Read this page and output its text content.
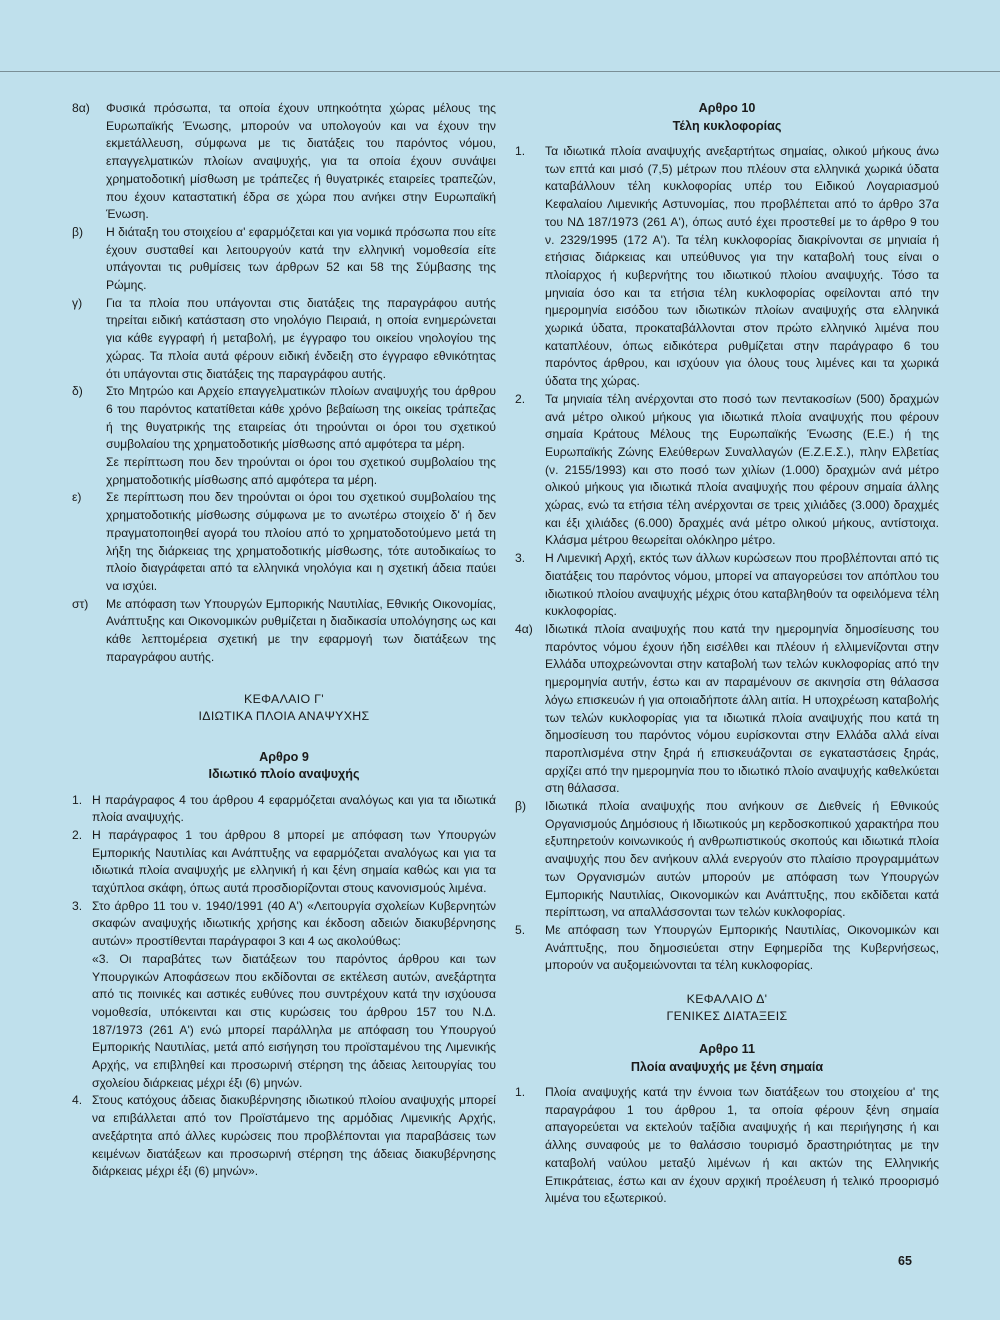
8α)	Φυσικά πρόσωπα, τα οποία έχουν υπηκοότητα χώρας μέλους της Ευρωπαϊκής Ένωσης, μπορούν να υπολογούν και να έχουν την εκμετάλλευση, σύμφωνα με τις διατάξεις του παρόντος νόμου, επαγγελματικών πλοίων αναψυχής, για τα οποία έχουν συνάψει χρηματοδοτική μίσθωση με τράπεζες ή θυγατρικές εταιρείες τραπεζών, που έχουν καταστατική έδρα σε χώρα που ανήκει στην Ευρωπαϊκή Ένωση.
β)	Η διάταξη του στοιχείου α' εφαρμόζεται και για νομικά πρόσωπα που είτε έχουν συσταθεί και λειτουργούν κατά την ελληνική νομοθεσία είτε υπάγονται τις ρυθμίσεις των άρθρων 52 και 58 της Σύμβασης της Ρώμης.
γ)	Για τα πλοία που υπάγονται στις διατάξεις της παραγράφου αυτής τηρείται ειδική κατάσταση στο νηολόγιο Πειραιά, η οποία ενημερώνεται για κάθε εγγραφή ή μεταβολή, με έγγραφο του οικείου νηολογίου της χώρας. Τα πλοία αυτά φέρουν ειδική ένδειξη στο έγγραφο εθνικότητας ότι υπάγονται στις διατάξεις της παραγράφου αυτής.
δ)	Στο Μητρώο και Αρχείο επαγγελματικών πλοίων αναψυχής του άρθρου 6 του παρόντος κατατίθεται κάθε χρόνο βεβαίωση της οικείας τράπεζας ή της θυγατρικής της εταιρείας ότι τηρούνται οι όροι του σχετικού συμβολαίου της χρηματοδοτικής μίσθωσης από αμφότερα τα μέρη.
Σε περίπτωση που δεν τηρούνται οι όροι του σχετικού συμβολαίου της χρηματοδοτικής μίσθωσης από αμφότερα τα μέρη.
ε)	Σε περίπτωση που δεν τηρούνται οι όροι του σχετικού συμβολαίου της χρηματοδοτικής μίσθωσης σύμφωνα με το ανωτέρω στοιχείο δ' ή δεν πραγματοποιηθεί αγορά του πλοίου από το χρηματοδοτούμενο μετά τη λήξη της διάρκειας της χρηματοδοτικής μίσθωσης, τότε αυτοδικαίως το πλοίο διαγράφεται από τα ελληνικά νηολόγια και η σχετική άδεια παύει να ισχύει.
στ)	Με απόφαση των Υπουργών Εμπορικής Ναυτιλίας, Εθνικής Οικονομίας, Ανάπτυξης και Οικονομικών ρυθμίζεται η διαδικασία υπολόγησης ως και κάθε λεπτομέρεια σχετική με την εφαρμογή των διατάξεων της παραγράφου αυτής.
ΚΕΦΑΛΑΙΟ Γ'
ΙΔΙΩΤΙΚΑ ΠΛΟΙΑ ΑΝΑΨΥΧΗΣ
Αρθρο 9
Ιδιωτικό πλοίο αναψυχής
1. Η παράγραφος 4 του άρθρου 4 εφαρμόζεται αναλόγως και για τα ιδιωτικά πλοία αναψυχής.
2. Η παράγραφος 1 του άρθρου 8 μπορεί με απόφαση των Υπουργών Εμπορικής Ναυτιλίας και Ανάπτυξης να εφαρμόζεται αναλόγως και για τα ιδιωτικά πλοία αναψυχής με ελληνική ή και ξένη σημαία καθώς και για τα ταχύπλοα σκάφη, όπως αυτά προσδιορίζονται στους κανονισμούς λιμένα.
3. Στο άρθρο 11 του ν. 1940/1991 (40 Α') «Λειτουργία σχολείων Κυβερνητών σκαφών αναψυχής ιδιωτικής χρήσης και έκδοση αδειών διακυβέρνησης αυτών» προστίθενται παράγραφοι 3 και 4 ως ακολούθως:
«3. Οι παραβάτες των διατάξεων του παρόντος άρθρου και των Υπουργικών Αποφάσεων που εκδίδονται σε εκτέλεση αυτών, ανεξάρτητα από τις ποινικές και αστικές ευθύνες που συντρέχουν κατά την ισχύουσα νομοθεσία, υπόκεινται και στις κυρώσεις του άρθρου 157 του Ν.Δ. 187/1973 (261 Α') ενώ μπορεί παράλληλα με απόφαση του Υπουργού Εμπορικής Ναυτιλίας, μετά από εισήγηση του προϊσταμένου της Λιμενικής Αρχής, να επιβληθεί και προσωρινή στέρηση της άδειας λειτουργίας του σχολείου διάρκειας μέχρι έξι (6) μηνών.
4. Στους κατόχους άδειας διακυβέρνησης ιδιωτικού πλοίου αναψυχής μπορεί να επιβάλλεται από τον Προϊστάμενο της αρμόδιας Λιμενικής Αρχής, ανεξάρτητα από άλλες κυρώσεις που προβλέπονται για παραβάσεις των κειμένων διατάξεων και προσωρινή στέρηση της άδειας διακυβέρνησης διάρκειας μέχρι έξι (6) μηνών».
Αρθρο 10
Τέλη κυκλοφορίας
1.	Τα ιδιωτικά πλοία αναψυχής ανεξαρτήτως σημαίας, ολικού μήκους άνω των επτά και μισό (7,5) μέτρων που πλέουν στα ελληνικά χωρικά ύδατα καταβάλλουν τέλη κυκλοφορίας υπέρ του Ειδικού Λογαριασμού Κεφαλαίου Λιμενικής Αστυνομίας, που προβλέπεται από το άρθρο 37α του ΝΔ 187/1973 (261 Α'), όπως αυτό έχει προστεθεί με το άρθρο 9 του ν. 2329/1995 (172 Α'). Τα τέλη κυκλοφορίας διακρίνονται σε μηνιαία ή ετήσιας διάρκειας και υπεύθυνος για την καταβολή τους είναι ο πλοίαρχος ή κυβερνήτης του ιδιωτικού πλοίου αναψυχής. Τόσο τα μηνιαία όσο και τα ετήσια τέλη κυκλοφορίας οφείλονται από την ημερομηνία εισόδου των ιδιωτικών πλοίων αναψυχής στα ελληνικά χωρικά ύδατα, προκαταβάλλονται στον πρώτο ελληνικό λιμένα που καταπλέουν, όπως ειδικότερα ρυθμίζεται στην παράγραφο 6 του παρόντος άρθρου, και ισχύουν για όλους τους λιμένες και τα χωρικά ύδατα της χώρας.
2.	Τα μηνιαία τέλη ανέρχονται στο ποσό των πεντακοσίων (500) δραχμών ανά μέτρο ολικού μήκους για ιδιωτικά πλοία αναψυχής που φέρουν σημαία Κράτους Μέλους της Ευρωπαϊκής Ένωσης (Ε.Ε.) ή της Ευρωπαϊκής Ζώνης Ελεύθερων Συναλλαγών (Ε.Ζ.Ε.Σ.), πλην Ελβετίας (ν. 2155/1993) και στο ποσό των χιλίων (1.000) δραχμών ανά μέτρο ολικού μήκους για ιδιωτικά πλοία αναψυχής που φέρουν σημαία άλλης χώρας, ενώ τα ετήσια τέλη ανέρχονται σε τρεις χιλιάδες (3.000) δραχμές και έξι χιλιάδες (6.000) δραχμές ανά μέτρο ολικού μήκους, αντίστοιχα. Κλάσμα μέτρου θεωρείται ολόκληρο μέτρο.
3.	Η Λιμενική Αρχή, εκτός των άλλων κυρώσεων που προβλέπονται από τις διατάξεις του παρόντος νόμου, μπορεί να απαγορεύσει τον απόπλου του ιδιωτικού πλοίου αναψυχής μέχρις ότου καταβληθούν τα οφειλόμενα τέλη κυκλοφορίας.
4α)	Ιδιωτικά πλοία αναψυχής που κατά την ημερομηνία δημοσίευσης του παρόντος νόμου έχουν ήδη εισέλθει και πλέουν ή ελλιμενίζονται στην Ελλάδα υποχρεώνονται στην καταβολή των τελών κυκλοφορίας από την ημερομηνία αυτήν, έστω και αν παραμένουν σε ακινησία στη θάλασσα λόγω επισκευών ή για οποιαδήποτε άλλη αιτία. Η υποχρέωση καταβολής των τελών κυκλοφορίας για τα ιδιωτικά πλοία αναψυχής που κατά τη δημοσίευση του παρόντος νόμου ευρίσκονται στην Ελλάδα αλλά είναι παροπλισμένα στην ξηρά ή επισκευάζονται σε εγκαταστάσεις ξηράς, αρχίζει από την ημερομηνία που το ιδιωτικό πλοίο αναψυχής καθελκύεται στη θάλασσα.
β)	Ιδιωτικά πλοία αναψυχής που ανήκουν σε Διεθνείς ή Εθνικούς Οργανισμούς Δημόσιους ή Ιδιωτικούς μη κερδοσκοπικού χαρακτήρα που εξυπηρετούν κοινωνικούς ή ανθρωπιστικούς σκοπούς και ιδιωτικά πλοία αναψυχής που δεν ανήκουν αλλά ενεργούν στο πλαίσιο προγραμμάτων των Οργανισμών αυτών μπορούν με απόφαση των Υπουργών Εμπορικής Ναυτιλίας, Οικονομικών και Ανάπτυξης, που εκδίδεται κατά περίπτωση, να απαλλάσσονται των τελών κυκλοφορίας.
5.	Με απόφαση των Υπουργών Εμπορικής Ναυτιλίας, Οικονομικών και Ανάπτυξης, που δημοσιεύεται στην Εφημερίδα της Κυβερνήσεως, μπορούν να αυξομειώνονται τα τέλη κυκλοφορίας.
ΚΕΦΑΛΑΙΟ Δ'
ΓΕΝΙΚΕΣ ΔΙΑΤΑΞΕΙΣ
Αρθρο 11
Πλοία αναψυχής με ξένη σημαία
1.	Πλοία αναψυχής κατά την έννοια των διατάξεων του στοιχείου α' της παραγράφου 1 του άρθρου 1, τα οποία φέρουν ξένη σημαία απαγορεύεται να εκτελούν ταξίδια αναψυχής ή και περιήγησης ή και άλλης συναφούς με το θαλάσσιο τουρισμό δραστηριότητας με την καταβολή ναύλου μεταξύ λιμένων ή και ακτών της Ελληνικής Επικράτειας, έστω και αν έχουν αρχική προέλευση ή τελικό προορισμό λιμένα του εξωτερικού.
65
